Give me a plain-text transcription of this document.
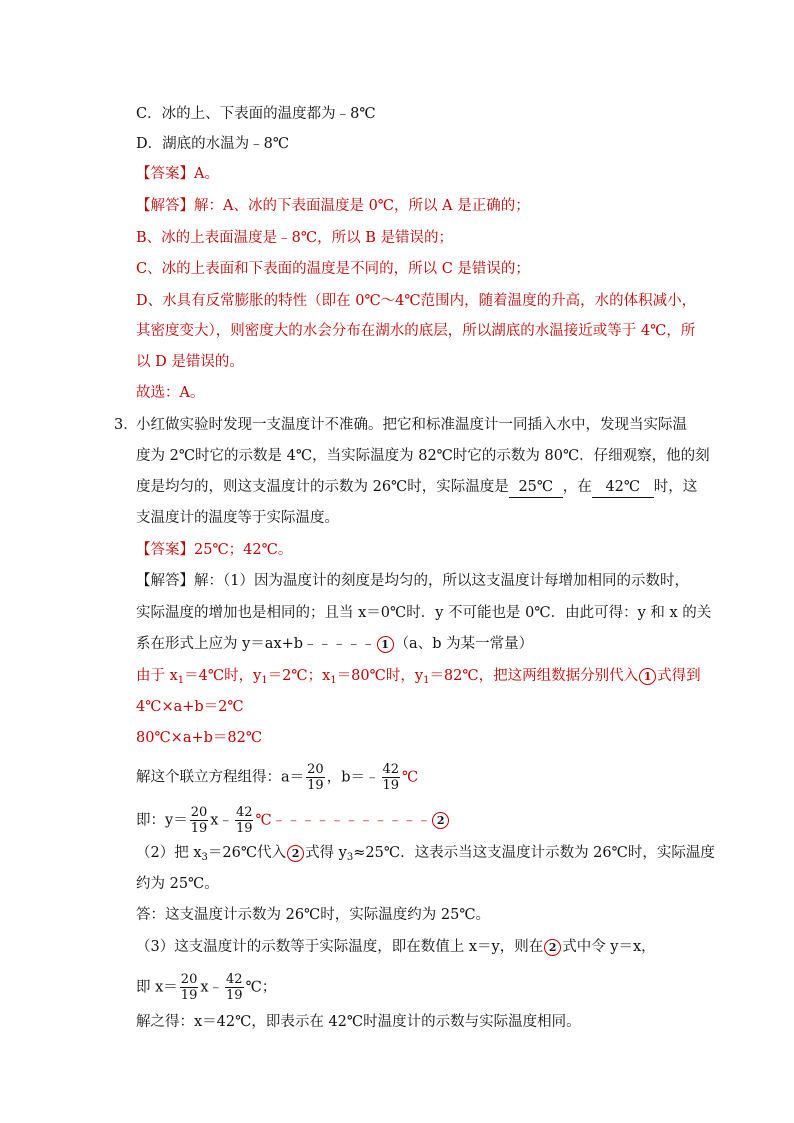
C．冰的上、下表面的温度都为﹣8℃
D．湖底的水温为﹣8℃
【答案】A。
【解答】解：A、冰的下表面温度是 0℃，所以 A 是正确的；
B、冰的上表面温度是﹣8℃，所以 B 是错误的；
C、冰的上表面和下表面的温度是不同的，所以 C 是错误的；
D、水具有反常膨胀的特性（即在 0℃～4℃范围内，随着温度的升高，水的体积减小，
其密度变大），则密度大的水会分布在湖水的底层，所以湖底的水温接近或等于 4℃，所
以 D 是错误的。
故选：A。
3．
小红做实验时发现一支温度计不准确。把它和标准温度计一同插入水中，发现当实际温
度为 2℃时它的示数是 4℃，当实际温度为 82℃时它的示数为 80℃．仔细观察，他的刻
度是均匀的，则这支温度计的示数为 26℃时，实际温度是 25℃ ，在 42℃ 时，这
支温度计的温度等于实际温度。
【答案】25℃；42℃。
【解答】解：（1）因为温度计的刻度是均匀的，所以这支温度计每增加相同的示数时，
实际温度的增加也是相同的；且当 x＝0℃时．y 不可能也是 0℃．由此可得：y 和 x 的关
系在形式上应为 y＝ax+b﹣﹣﹣﹣﹣ 1 （a、b 为某一常量）
由于 $x_1=4℃$时，$y_1=2℃$；$x_1=80℃$时，$y_1=82℃$，把这两组数据分别代入 1 式得到
4℃×a+b＝2℃
80℃×a+b＝82℃
解这个联立方程组得：$a= \frac{20}{19}$ ，b＝﹣ $\frac{42}{19}$ ℃
即：$y= \frac{20}{19}$ x﹣ $\frac{42}{19}$ ℃﹣﹣﹣﹣﹣﹣﹣﹣﹣﹣﹣ 2
（2）把 $x_3=26℃$代入 2 式得 $y_3\approx 25℃$．这表示当这支温度计示数为 26℃时，实际温度
约为 25℃。
答：这支温度计示数为 26℃时，实际温度约为 25℃。
（3）这支温度计的示数等于实际温度，即在数值上 x＝y，则在 2 式中令 y＝x，
即 $x= \frac{20}{19}$ x﹣ $\frac{42}{19}$ ℃；
解之得：x＝42℃，即表示在 42℃时温度计的示数与实际温度相同。
